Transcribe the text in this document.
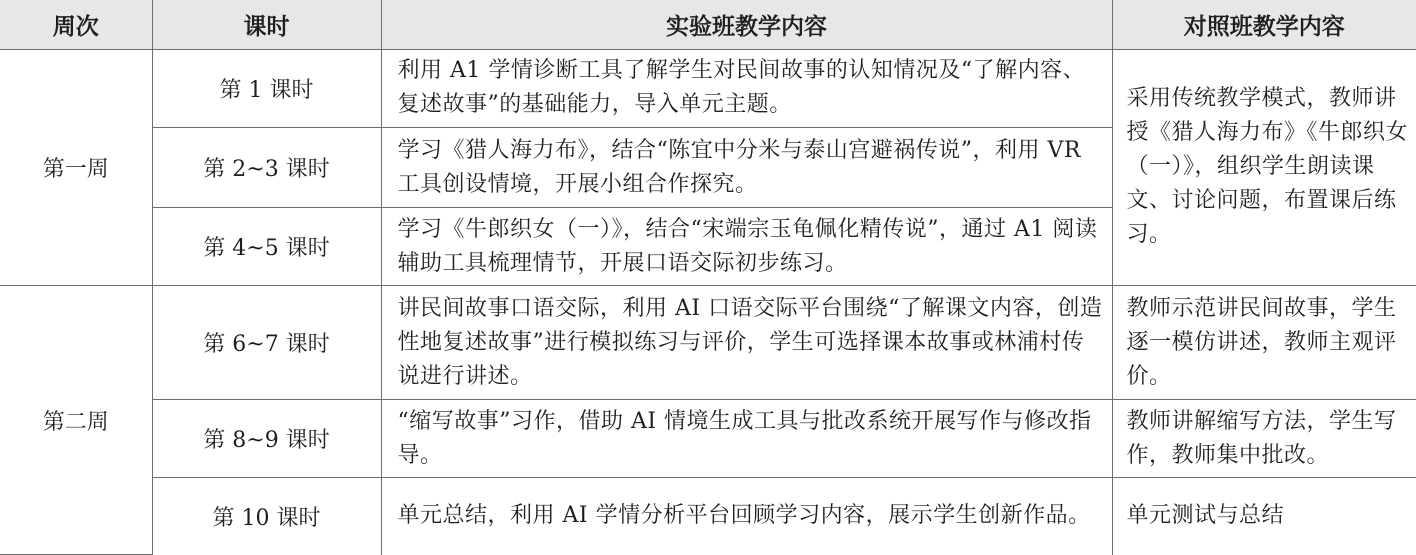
周次	课时	实验班教学内容	对照班教学内容
第一周	第 1 课时	利用 A1 学情诊断工具了解学生对民间故事的认知情况及“了解内容、复述故事”的基础能力，导入单元主题。	采用传统教学模式，教师讲授《猎人海力布》《牛郎织女（一）》，组织学生朗读课文、讨论问题，布置课后练习。
	第 2~3 课时	学习《猎人海力布》，结合“陈宜中分米与泰山宫避祸传说”，利用 VR 工具创设情境，开展小组合作探究。	
	第 4~5 课时	学习《牛郎织女（一）》，结合“宋端宗玉龟佩化精传说”，通过 A1 阅读辅助工具梳理情节，开展口语交际初步练习。	
第二周	第 6~7 课时	讲民间故事口语交际，利用 AI 口语交际平台围绕“了解课文内容，创造性地复述故事”进行模拟练习与评价，学生可选择课本故事或林浦村传说进行讲述。	教师示范讲民间故事，学生逐一模仿讲述，教师主观评价。
	第 8~9 课时	“缩写故事”习作，借助 AI 情境生成工具与批改系统开展写作与修改指导。	教师讲解缩写方法，学生写作，教师集中批改。
	第 10 课时	单元总结，利用 AI 学情分析平台回顾学习内容，展示学生创新作品。	单元测试与总结
